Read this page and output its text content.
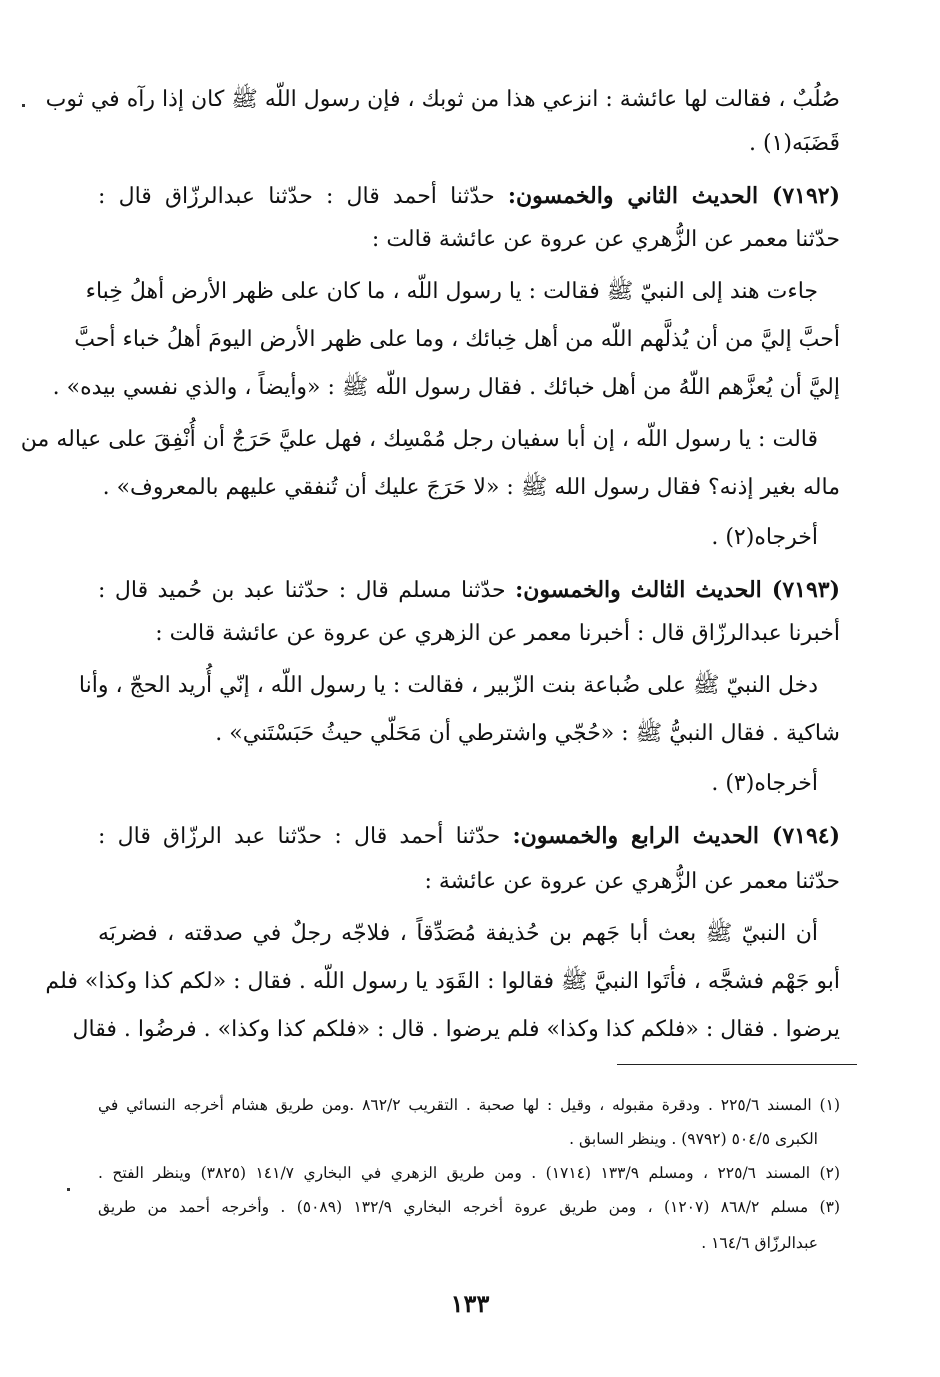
صُلُبٌ ، فقالت لها عائشة : انزعي هذا من ثوبك ، فإن رسول اللّه ﷺ كان إذا رآه في ثوب
قَضَبَه(١) .
(٧١٩٢) الحديث الثاني والخمسون: حدّثنا أحمد قال : حدّثنا عبدالرزّاق قال :
حدّثنا معمر عن الزُّهري عن عروة عن عائشة قالت :
جاءت هند إلى النبيّ ﷺ فقالت : يا رسول اللّه ، ما كان على ظهر الأرض أهلُ خِباء
أحبَّ إليَّ من أن يُذلَّهم اللّه من أهل خِبائك ، وما على ظهر الأرض اليومَ أهلُ خباء أحبَّ
إليَّ أن يُعزَّهم اللّهُ من أهل خبائك . فقال رسول اللّه ﷺ : «وأيضاً ، والذي نفسي بيده» .
قالت : يا رسول اللّه ، إن أبا سفيان رجل مُمْسِك ، فهل عليَّ حَرَجٌ أن أُنْفِقَ على عياله من
ماله بغير إذنه؟ فقال رسول الله ﷺ : «لا حَرَجَ عليك أن تُنفقي عليهم بالمعروف» .
أخرجاه(٢) .
(٧١٩٣) الحديث الثالث والخمسون: حدّثنا مسلم قال : حدّثنا عبد بن حُميد قال :
أخبرنا عبدالرزّاق قال : أخبرنا معمر عن الزهري عن عروة عن عائشة قالت :
دخل النبيّ ﷺ على ضُباعة بنت الزّبير ، فقالت : يا رسول اللّه ، إنّي أُريد الحجّ ، وأنا
شاكية . فقال النبيُّ ﷺ : «حُجّي واشترطي أن مَحَلّي حيثُ حَبَسْتَني» .
أخرجاه(٣) .
(٧١٩٤) الحديث الرابع والخمسون: حدّثنا أحمد قال : حدّثنا عبد الرزّاق قال :
حدّثنا معمر عن الزُّهري عن عروة عن عائشة :
أن النبيّ ﷺ بعث أبا جَهم بن حُذيفة مُصَدِّقاً ، فلاجّه رجلٌ في صدقته ، فضربَه
أبو جَهْم فشجَّه ، فأتَوا النبيَّ ﷺ فقالوا : القَوَد يا رسول اللّه . فقال : «لكم كذا وكذا» فلم
يرضوا . فقال : «فلكم كذا وكذا» فلم يرضوا . قال : «فلكم كذا وكذا» . فرضُوا . فقال
(١) المسند ٢٢٥/٦ . ودقرة مقبوله ، وقيل : لها صحبة . التقريب ٨٦٢/٢ .ومن طريق هشام أخرجه النسائي في
الكبرى ٥٠٤/٥ (٩٧٩٢) . وينظر السابق .
(٢) المسند ٢٢٥/٦ ، ومسلم ١٣٣/٩ (١٧١٤) . ومن طريق الزهري في البخاري ١٤١/٧ (٣٨٢٥) وينظر الفتح .
(٣) مسلم ٨٦٨/٢ (١٢٠٧) ، ومن طريق عروة أخرجه البخاري ١٣٢/٩ (٥٠٨٩) . وأخرجه أحمد من طريق
عبدالرزّاق ١٦٤/٦ .
١٣٣
